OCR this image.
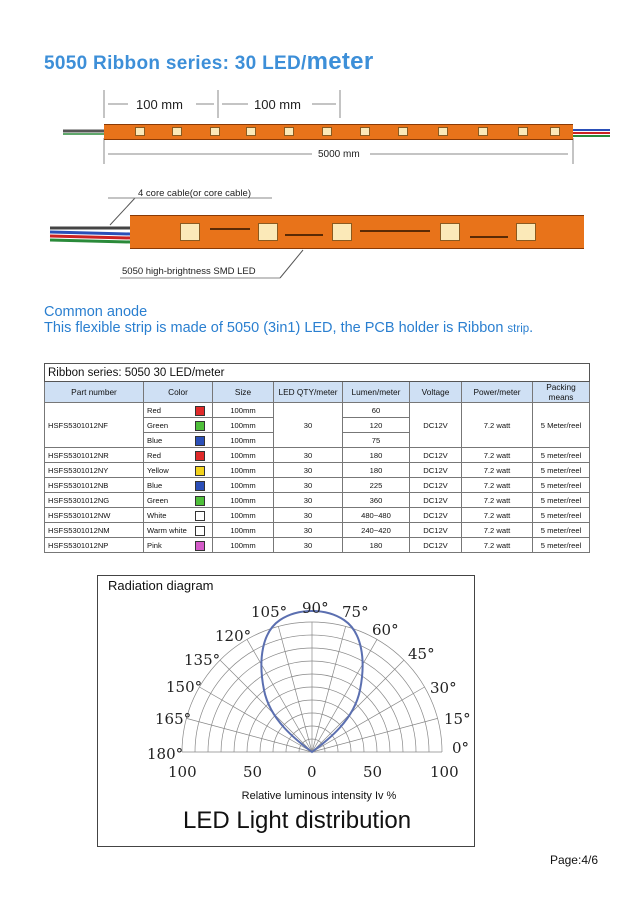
5050 Ribbon series: 30 LED/meter
100 mm	100 mm
5000 mm
4 core cable(or core cable)
5050 high-brightness SMD LED
Common anode
This flexible strip is made of 5050 (3in1) LED, the PCB holder is Ribbon strip.
Ribbon series: 5050 30 LED/meter							
Part number	Color	Size	LED QTY/meter	Lumen/meter	Voltage	Power/meter	Packing means
HSFS5301012NF	Red	100mm	30	60	DC12V	7.2 watt	5 Meter/reel
	Green	100mm		120			
	Blue	100mm		75			
HSFS5301012NR	Red	100mm	30	180	DC12V	7.2 watt	5 meter/reel
HSFS5301012NY	Yellow	100mm	30	180	DC12V	7.2 watt	5 meter/reel
HSFS5301012NB	Blue	100mm	30	225	DC12V	7.2 watt	5 meter/reel
HSFS5301012NG	Green	100mm	30	360	DC12V	7.2 watt	5 meter/reel
HSFS5301012NW	White	100mm	30	480~480	DC12V	7.2 watt	5 meter/reel
HSFS5301012NM	Warm white	100mm	30	240~420	DC12V	7.2 watt	5 meter/reel
HSFS5301012NP	Pink	100mm	30	180	DC12V	7.2 watt	5 meter/reel
Radiation diagram
90°
105°	75°
120°	60°
135°	45°
150°	30°
165°	15°
180°	0°
100	50	0	50	100
Relative luminous intensity Iv %
LED Light distribution
Page:4/6
